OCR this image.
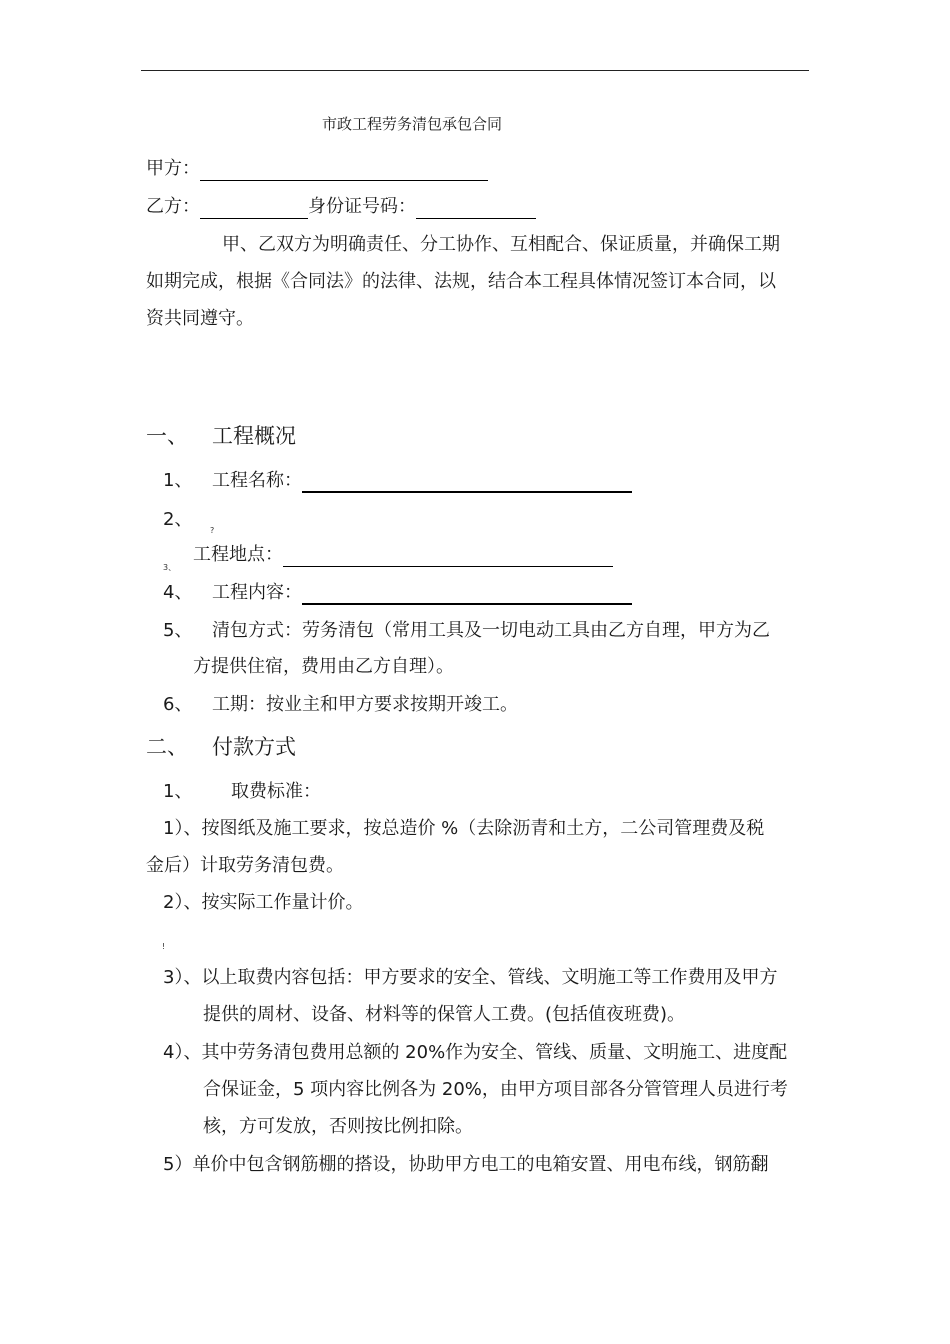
市政工程劳务清包承包合同
甲方：
乙方：	身份证号码：
甲、乙双方为明确责任、分工协作、互相配合、保证质量，并确保工期
如期完成，根据《合同法》的法律、法规，结合本工程具体情况签订本合同，以
资共同遵守。
一、 工程概况
1、 工程名称：
2、
?
3、
工程地点：
4、 工程内容：
5、 清包方式：劳务清包（常用工具及一切电动工具由乙方自理，甲方为乙
方提供住宿，费用由乙方自理）。
6、 工期：按业主和甲方要求按期开竣工。
二、 付款方式
1、 取费标准：
1）、按图纸及施工要求，按总造价 %（去除沥青和土方，二公司管理费及税
金后）计取劳务清包费。
2）、按实际工作量计价。
!
3）、以上取费内容包括：甲方要求的安全、管线、文明施工等工作费用及甲方
提供的周材、设备、材料等的保管人工费。(包括值夜班费)。
4）、其中劳务清包费用总额的 20%作为安全、管线、质量、文明施工、进度配
合保证金，5 项内容比例各为 20%，由甲方项目部各分管管理人员进行考
核，方可发放，否则按比例扣除。
5）单价中包含钢筋棚的搭设，协助甲方电工的电箱安置、用电布线，钢筋翻
